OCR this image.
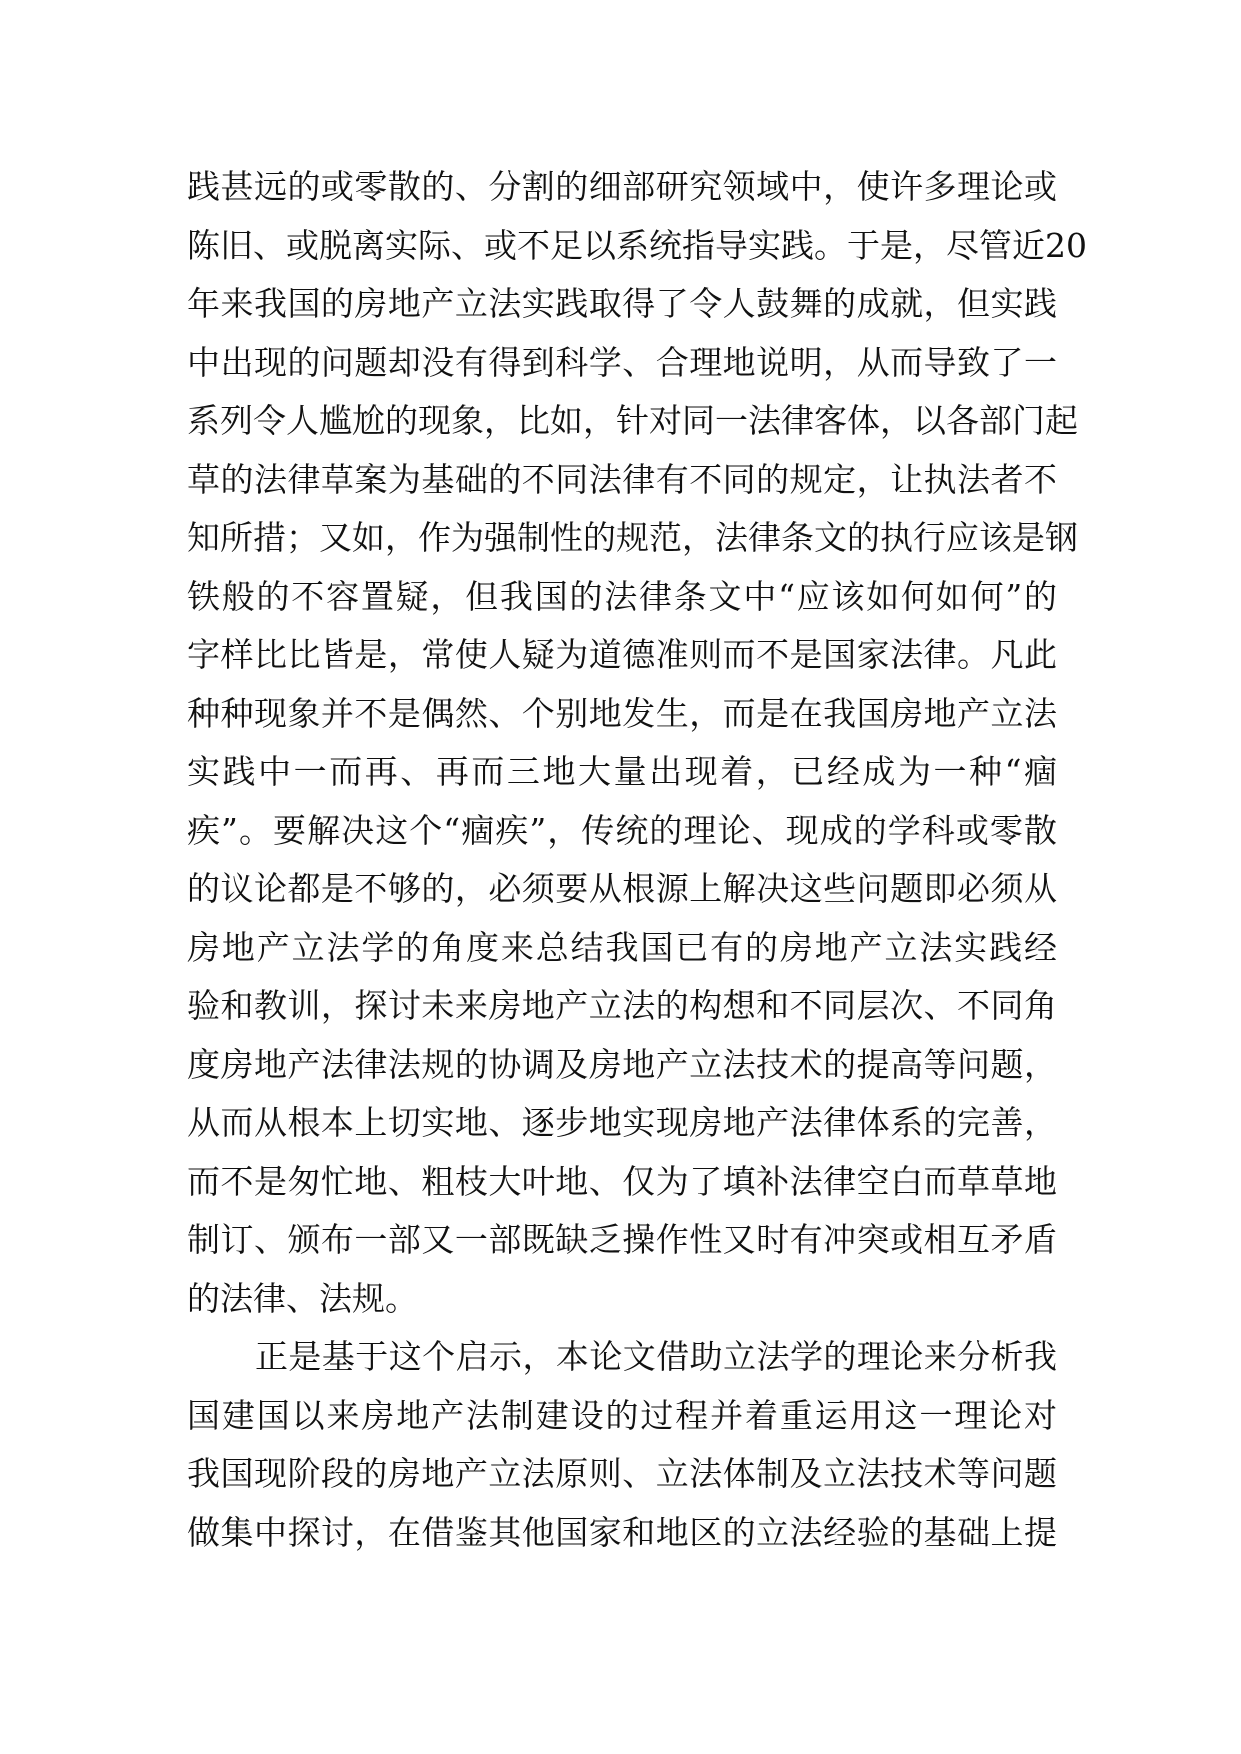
践甚远的或零散的、分割的细部研究领域中，使许多理论或
陈旧、或脱离实际、或不足以系统指导实践。于是，尽管近20
年来我国的房地产立法实践取得了令人鼓舞的成就，但实践
中出现的问题却没有得到科学、合理地说明，从而导致了一
系列令人尴尬的现象，比如，针对同一法律客体，以各部门起
草的法律草案为基础的不同法律有不同的规定，让执法者不
知所措；又如，作为强制性的规范，法律条文的执行应该是钢
铁般的不容置疑，但我国的法律条文中“应该如何如何”的
字样比比皆是，常使人疑为道德准则而不是国家法律。凡此
种种现象并不是偶然、个别地发生，而是在我国房地产立法
实践中一而再、再而三地大量出现着，已经成为一种“痼
疾”。要解决这个“痼疾”，传统的理论、现成的学科或零散
的议论都是不够的，必须要从根源上解决这些问题即必须从
房地产立法学的角度来总结我国已有的房地产立法实践经
验和教训，探讨未来房地产立法的构想和不同层次、不同角
度房地产法律法规的协调及房地产立法技术的提高等问题，
从而从根本上切实地、逐步地实现房地产法律体系的完善，
而不是匆忙地、粗枝大叶地、仅为了填补法律空白而草草地
制订、颁布一部又一部既缺乏操作性又时有冲突或相互矛盾
的法律、法规。
正是基于这个启示，本论文借助立法学的理论来分析我
国建国以来房地产法制建设的过程并着重运用这一理论对
我国现阶段的房地产立法原则、立法体制及立法技术等问题
做集中探讨，在借鉴其他国家和地区的立法经验的基础上提
